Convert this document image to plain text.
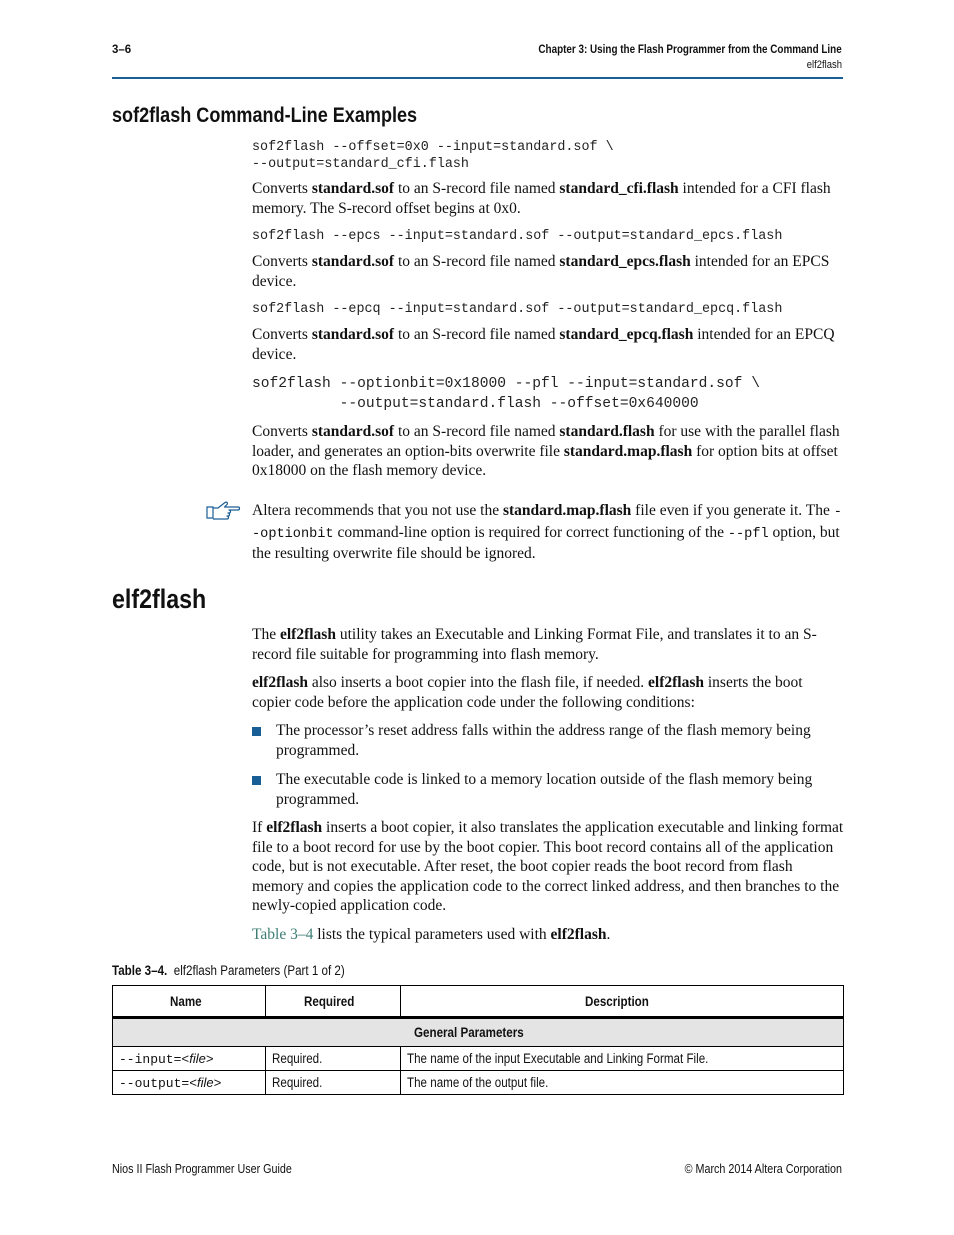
3–6	Chapter 3: Using the Flash Programmer from the Command Line
elf2flash
sof2flash Command-Line Examples
sof2flash --offset=0x0 --input=standard.sof \
--output=standard_cfi.flash
Converts standard.sof to an S-record file named standard_cfi.flash intended for a CFI flash memory. The S-record offset begins at 0x0.
sof2flash --epcs --input=standard.sof --output=standard_epcs.flash
Converts standard.sof to an S-record file named standard_epcs.flash intended for an EPCS device.
sof2flash --epcq --input=standard.sof --output=standard_epcq.flash
Converts standard.sof to an S-record file named standard_epcq.flash intended for an EPCQ device.
sof2flash --optionbit=0x18000 --pfl --input=standard.sof \
--output=standard.flash --offset=0x640000
Converts standard.sof to an S-record file named standard.flash for use with the parallel flash loader, and generates an option-bits overwrite file standard.map.flash for option bits at offset 0x18000 on the flash memory device.
Altera recommends that you not use the standard.map.flash file even if you generate it. The --optionbit command-line option is required for correct functioning of the --pfl option, but the resulting overwrite file should be ignored.
elf2flash
The elf2flash utility takes an Executable and Linking Format File, and translates it to an S-record file suitable for programming into flash memory.
elf2flash also inserts a boot copier into the flash file, if needed. elf2flash inserts the boot copier code before the application code under the following conditions:
The processor’s reset address falls within the address range of the flash memory being programmed.
The executable code is linked to a memory location outside of the flash memory being programmed.
If elf2flash inserts a boot copier, it also translates the application executable and linking format file to a boot record for use by the boot copier. This boot record contains all of the application code, but is not executable. After reset, the boot copier reads the boot record from flash memory and copies the application code to the correct linked address, and then branches to the newly-copied application code.
Table 3–4 lists the typical parameters used with elf2flash.
Table 3–4. elf2flash Parameters (Part 1 of 2)
Name	Required	Description
General Parameters		
--input=<file>	Required.	The name of the input Executable and Linking Format File.
--output=<file>	Required.	The name of the output file.
Nios II Flash Programmer User Guide	© March 2014 Altera Corporation
